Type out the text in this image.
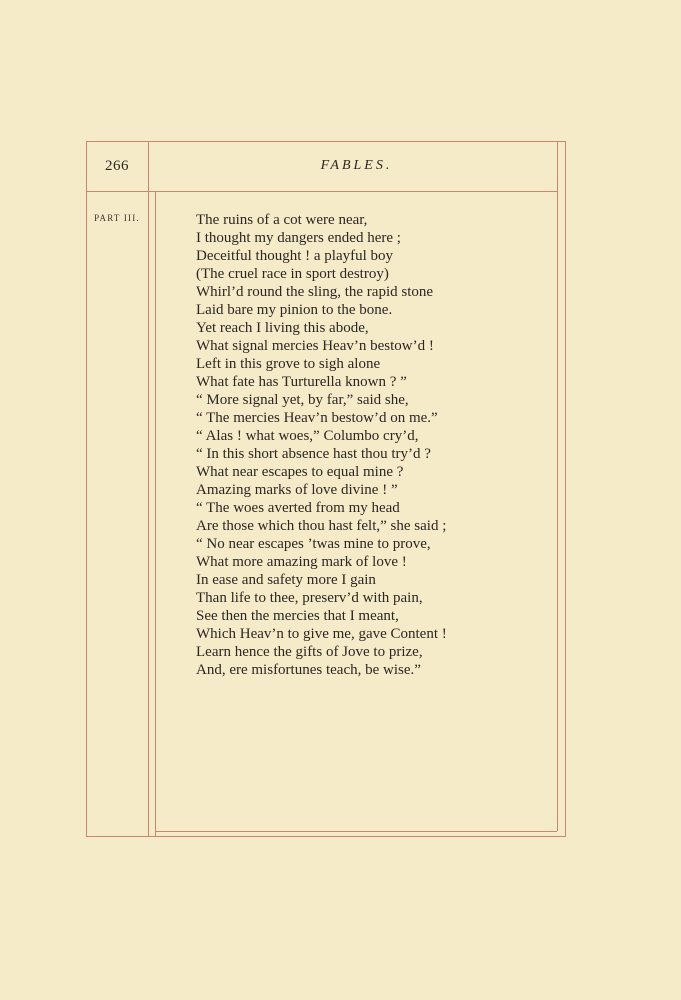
266	FABLES.
PART III.	The ruins of a cot were near,
I thought my dangers ended here ;
Deceitful thought ! a playful boy
(The cruel race in sport destroy)
Whirl’d round the sling, the rapid stone
Laid bare my pinion to the bone.
Yet reach I living this abode,
What signal mercies Heav’n bestow’d !
Left in this grove to sigh alone
What fate has Turturella known ? ”
“ More signal yet, by far,” said she,
“ The mercies Heav’n bestow’d on me.”
“ Alas ! what woes,” Columbo cry’d,
“ In this short absence hast thou try’d ?
What near escapes to equal mine ?
Amazing marks of love divine ! ”
“ The woes averted from my head
Are those which thou hast felt,” she said ;
“ No near escapes ’twas mine to prove,
What more amazing mark of love !
In ease and safety more I gain
Than life to thee, preserv’d with pain,
See then the mercies that I meant,
Which Heav’n to give me, gave Content !
Learn hence the gifts of Jove to prize,
And, ere misfortunes teach, be wise.”
